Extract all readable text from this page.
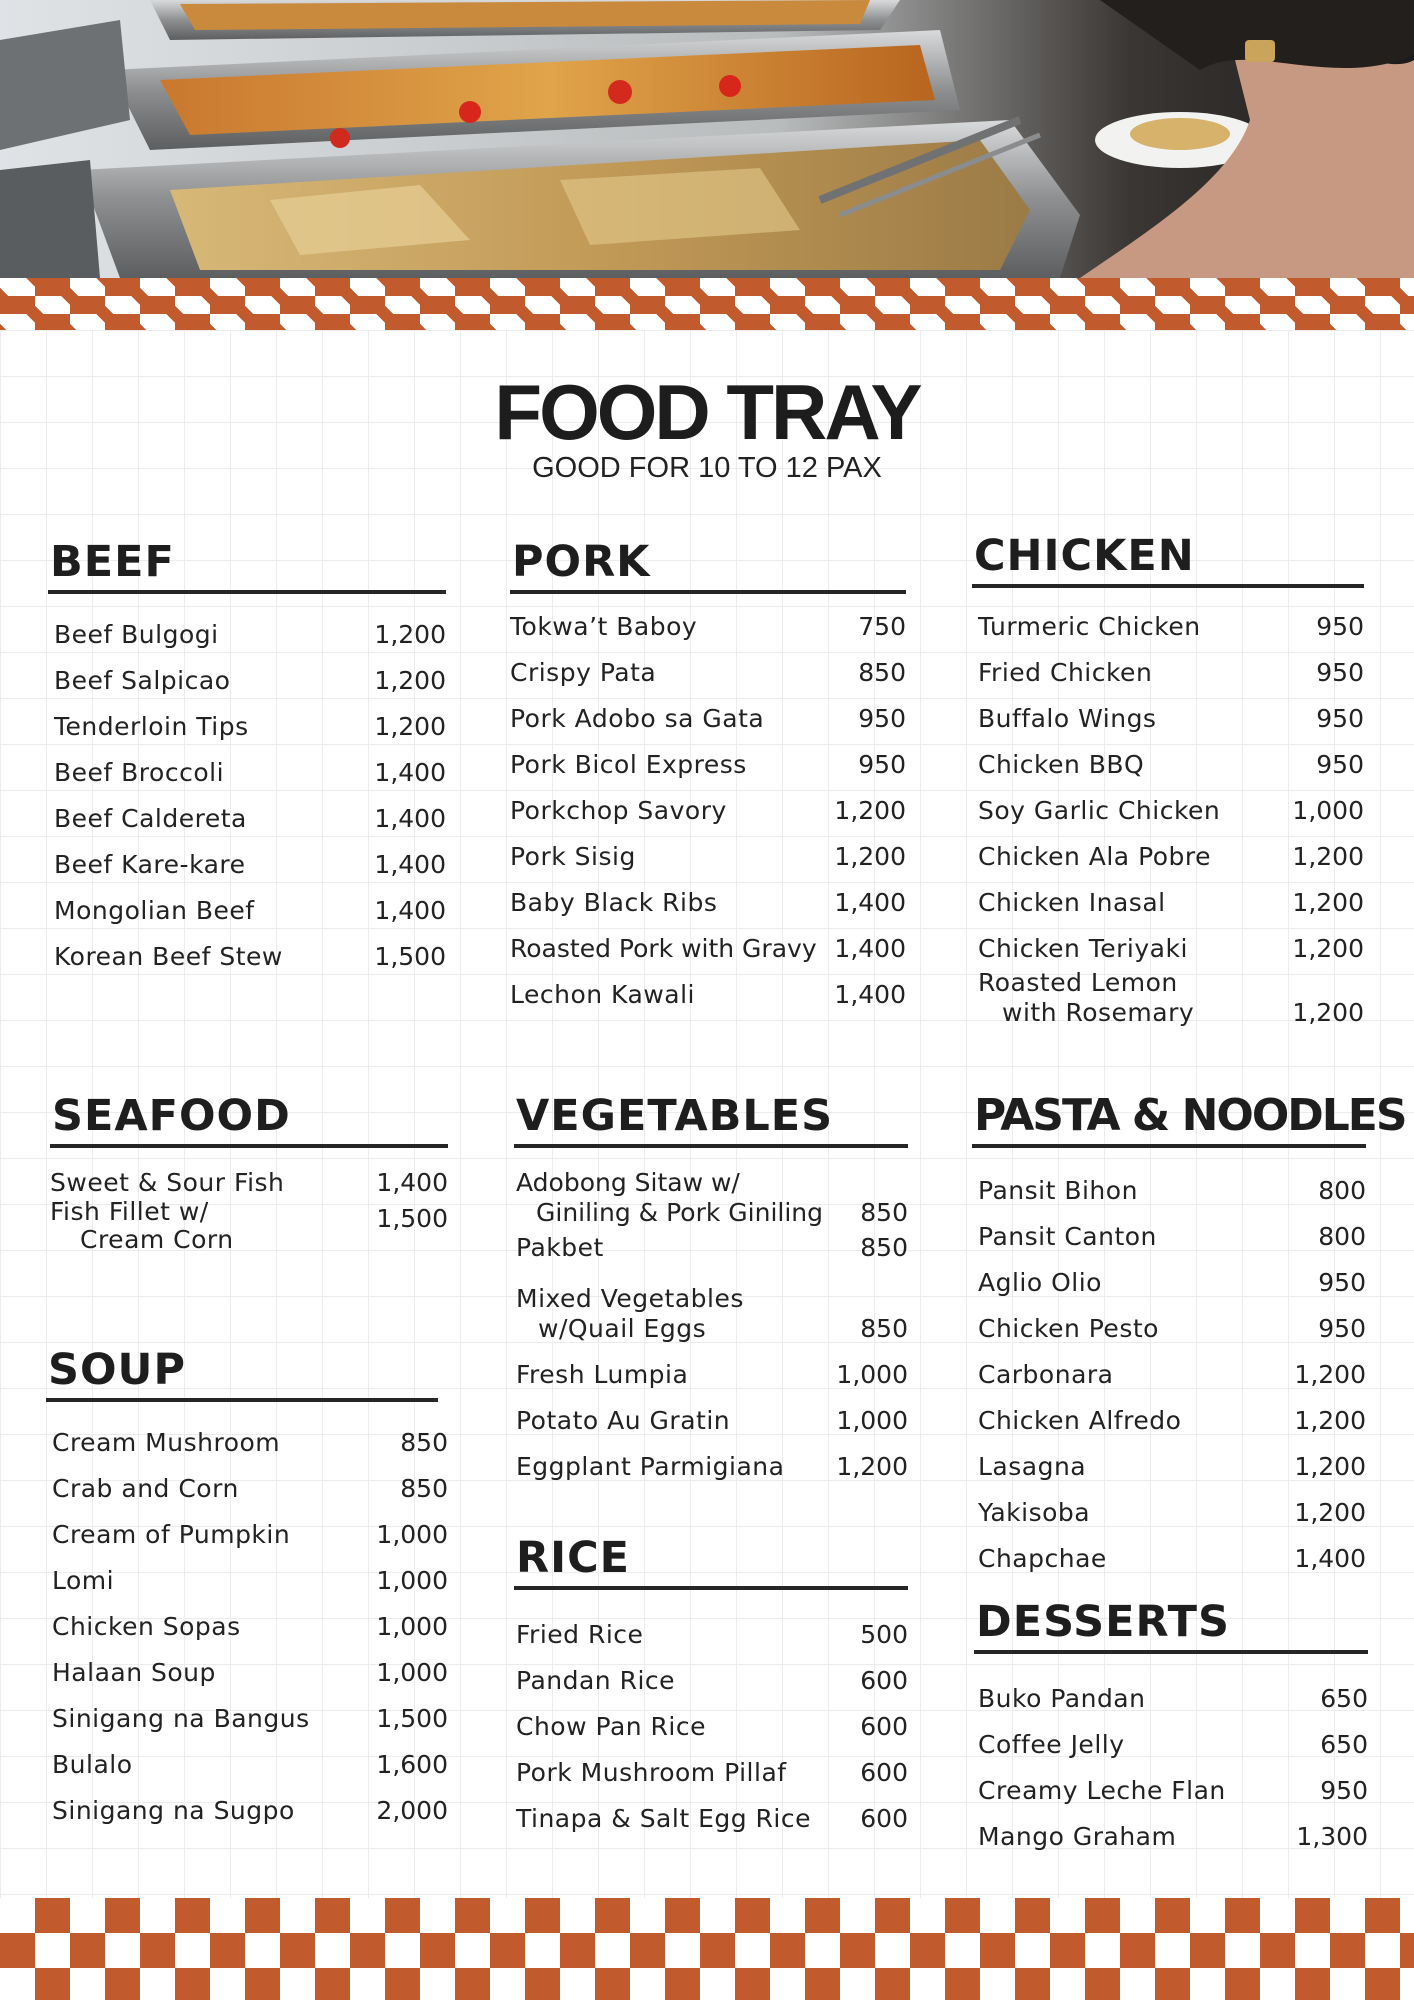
FOOD TRAY
GOOD FOR 10 TO 12 PAX
BEEF
Beef Bulgogi	1,200
Beef Salpicao	1,200
Tenderloin Tips	1,200
Beef Broccoli	1,400
Beef Caldereta	1,400
Beef Kare-kare	1,400
Mongolian Beef	1,400
Korean Beef Stew	1,500
PORK
Tokwa’t Baboy	750
Crispy Pata	850
Pork Adobo sa Gata	950
Pork Bicol Express	950
Porkchop Savory	1,200
Pork Sisig	1,200
Baby Black Ribs	1,400
Roasted Pork with Gravy 1,400
Lechon Kawali	1,400
CHICKEN
Turmeric Chicken	950
Fried Chicken	950
Buffalo Wings	950
Chicken BBQ	950
Soy Garlic Chicken	1,000
Chicken Ala Pobre	1,200
Chicken Inasal	1,200
Chicken Teriyaki	1,200
Roasted Lemon
with Rosemary	1,200
SEAFOOD
Sweet & Sour Fish	1,400
Fish Fillet w/
Cream Corn
1,500
VEGETABLES
Adobong Sitaw w/
Giniling & Pork Giniling 850
Pakbet	850
Mixed Vegetables
w/Quail Eggs	850
Fresh Lumpia	1,000
Potato Au Gratin	1,000
Eggplant Parmigiana 1,200
PASTA & NOODLES
Pansit Bihon	800
Pansit Canton	800
Aglio Olio	950
Chicken Pesto	950
Carbonara	1,200
Chicken Alfredo	1,200
Lasagna	1,200
Yakisoba	1,200
Chapchae	1,400
SOUP
Cream Mushroom	850
Crab and Corn	850
Cream of Pumpkin	1,000
Lomi	1,000
Chicken Sopas	1,000
Halaan Soup	1,000
Sinigang na Bangus	1,500
Bulalo	1,600
Sinigang na Sugpo	2,000
RICE
Fried Rice	500
Pandan Rice	600
Chow Pan Rice	600
Pork Mushroom Pillaf	600
Tinapa & Salt Egg Rice 600
DESSERTS
Buko Pandan	650
Coffee Jelly	650
Creamy Leche Flan	950
Mango Graham	1,300
